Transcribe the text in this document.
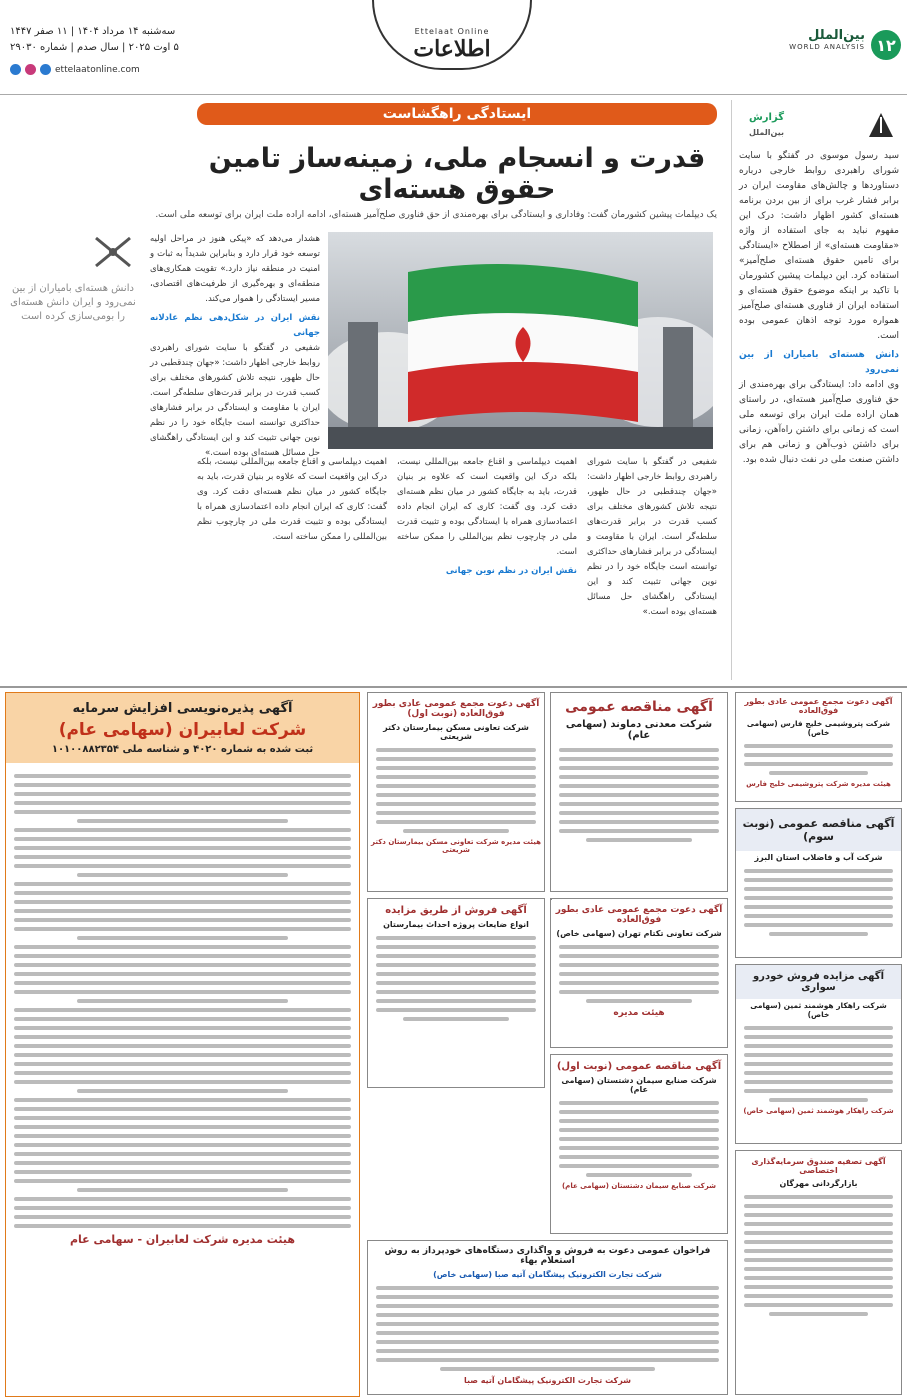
۱۲
بین‌الملل
WORLD ANALYSIS
Ettelaat Online
اطلاعات
سه‌شنبه ۱۴ مرداد ۱۴۰۴ | ۱۱ صفر ۱۴۴۷
۵ اوت ۲۰۲۵ | سال صدم | شماره ۲۹۰۳۰
ettelaatonline.com
گزارش
بین‌الملل

سید رسول موسوی در گفتگو با سایت شورای راهبردی روابط خارجی درباره دستاوردها و چالش‌های مقاومت ایران در برابر فشار غرب برای از بین بردن برنامه هسته‌ای کشور اظهار داشت: درک این مفهوم نباید به جای استفاده از واژه «مقاومت هسته‌ای» از اصطلاح «ایستادگی برای تامین حقوق هسته‌ای صلح‌آمیز» استفاده کرد. این دیپلمات پیشین کشورمان با تاکید بر اینکه موضوع حقوق هسته‌ای و استفاده ایران از فناوری هسته‌ای صلح‌آمیز همواره مورد توجه اذهان عمومی بوده است.

دانش هسته‌ای بامیاران از بین نمی‌رود

وی ادامه داد: ایستادگی برای بهره‌مندی از حق فناوری صلح‌آمیز هسته‌ای، در راستای همان اراده ملت ایران برای توسعه ملی است که زمانی برای داشتن راه‌آهن، زمانی برای داشتن ذوب‌آهن و زمانی هم برای داشتن صنعت ملی در نفت دنبال شده بود.

ایستادگی راهگشاست
قدرت و انسجام ملی، زمینه‌ساز تامین حقوق هسته‌ای
یک دیپلمات پیشین کشورمان گفت: وفاداری و ایستادگی برای بهره‌مندی از حق فناوری صلح‌آمیز هسته‌ای، ادامه اراده ملت ایران برای توسعه ملی است.

شفیعی در گفتگو با سایت شورای راهبردی روابط خارجی اظهار داشت: «جهان چندقطبی در حال ظهور، نتیجه تلاش کشورهای مختلف برای کسب قدرت در برابر قدرت‌های سلطه‌گر است. ایران با مقاومت و ایستادگی در برابر فشارهای حداکثری توانسته است جایگاه خود را در نظم نوین جهانی تثبیت کند و این ایستادگی راهگشای حل مسائل هسته‌ای بوده است.»

اهمیت دیپلماسی و اقناع جامعه بین‌المللی نیست، بلکه درک این واقعیت است که علاوه بر بنیان قدرت، باید به جایگاه کشور در میان نظم هسته‌ای دقت کرد. وی گفت: کاری که ایران انجام داده اعتمادسازی همراه با ایستادگی بوده و تثبیت قدرت ملی در چارچوب نظم بین‌المللی را ممکن ساخته است.

نقش ایران در نظم نوین جهانی

اهمیت دیپلماسی و اقناع جامعه بین‌المللی نیست، بلکه درک این واقعیت است که علاوه بر بنیان قدرت، باید به جایگاه کشور در میان نظم هسته‌ای دقت کرد. وی گفت: کاری که ایران انجام داده اعتمادسازی همراه با ایستادگی بوده و تثبیت قدرت ملی در چارچوب نظم بین‌المللی را ممکن ساخته است.

هشدار می‌دهد که «پیکی هنوز در مراحل اولیه توسعه خود قرار دارد و بنابراین شدیداً به ثبات و امنیت در منطقه نیاز دارد.» تقویت همکاری‌های منطقه‌ای و بهره‌گیری از ظرفیت‌های اقتصادی، مسیر ایستادگی را هموار می‌کند.

نقش ایران در شکل‌دهی نظم عادلانه جهانی

شفیعی در گفتگو با سایت شورای راهبردی روابط خارجی اظهار داشت: «جهان چندقطبی در حال ظهور، نتیجه تلاش کشورهای مختلف برای کسب قدرت در برابر قدرت‌های سلطه‌گر است. ایران با مقاومت و ایستادگی در برابر فشارهای حداکثری توانسته است جایگاه خود را در نظم نوین جهانی تثبیت کند و این ایستادگی راهگشای حل مسائل هسته‌ای بوده است.»

دانش هسته‌ای بامیاران از بین نمی‌رود و ایران دانش هسته‌ای را بومی‌سازی کرده است
آگهی پذیره‌نویسی افزایش سرمایه
شرکت لعابیران (سهامی عام)
ثبت شده به شماره ۴۰۲۰ و شناسه ملی ۱۰۱۰۰۸۸۲۳۵۴
هیئت مدیره شرکت لعابیران - سهامی عام
آگهی دعوت مجمع عمومی عادی بطور فوق‌العاده (نوبت اول)
شرکت تعاونی مسکن بیمارستان دکتر شریعتی
هیئت مدیره شرکت تعاونی مسکن بیمارستان دکتر شریعتی
آگهی مناقصه عمومی
شرکت معدنی دماوند (سهامی عام)
آگهی دعوت مجمع عمومی عادی بطور فوق‌العاده
شرکت پتروشیمی خلیج فارس (سهامی خاص)
هیئت مدیره شرکت پتروشیمی خلیج فارس
آگهی مناقصه عمومی (نوبت سوم)
شرکت آب و فاضلاب استان البرز
آگهی فروش از طریق مزایده
انواع ضایعات پروژه احداث بیمارستان
آگهی دعوت مجمع عمومی عادی بطور فوق‌العاده
شرکت تعاونی تکتام تهران (سهامی خاص)
هیئت مدیره
آگهی مزایده فروش خودرو سواری
شرکت راهکار هوشمند ثمین (سهامی خاص)
شرکت راهکار هوشمند ثمین (سهامی خاص)
آگهی مناقصه عمومی (نوبت اول)
شرکت صنایع سیمان دشتستان (سهامی عام)
شرکت صنایع سیمان دشتستان (سهامی عام)
آگهی تصفیه صندوق سرمایه‌گذاری اختصاصی
بازارگردانی مهرگان
فراخوان عمومی دعوت به فروش و واگذاری دستگاه‌های خودپرداز به روش استعلام بهاء
شرکت تجارت الکترونیک پیشگامان آتیه صبا (سهامی خاص)
شرکت تجارت الکترونیک پیشگامان آتیه صبا
